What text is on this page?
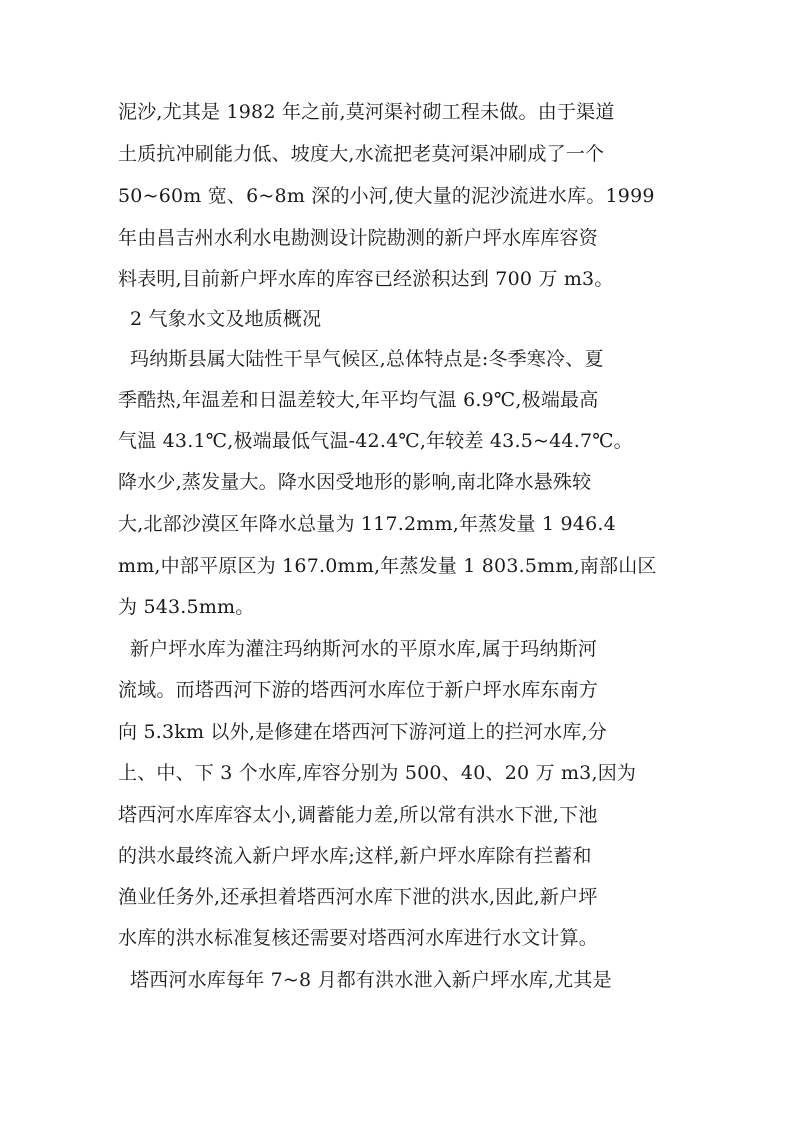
泥沙,尤其是 1982 年之前,莫河渠衬砌工程未做。由于渠道
土质抗冲刷能力低、坡度大,水流把老莫河渠冲刷成了一个
50~60m 宽、6~8m 深的小河,使大量的泥沙流进水库。1999
年由昌吉州水利水电勘测设计院勘测的新户坪水库库容资
料表明,目前新户坪水库的库容已经淤积达到 700 万 m3。
2 气象水文及地质概况
玛纳斯县属大陆性干旱气候区,总体特点是:冬季寒冷、夏
季酷热,年温差和日温差较大,年平均气温 6.9℃,极端最高
气温 43.1℃,极端最低气温-42.4℃,年较差 43.5~44.7℃。
降水少,蒸发量大。降水因受地形的影响,南北降水悬殊较
大,北部沙漠区年降水总量为 117.2mm,年蒸发量 1 946.4
mm,中部平原区为 167.0mm,年蒸发量 1 803.5mm,南部山区
为 543.5mm。
新户坪水库为灌注玛纳斯河水的平原水库,属于玛纳斯河
流域。而塔西河下游的塔西河水库位于新户坪水库东南方
向 5.3km 以外,是修建在塔西河下游河道上的拦河水库,分
上、中、下 3 个水库,库容分别为 500、40、20 万 m3,因为
塔西河水库库容太小,调蓄能力差,所以常有洪水下泄,下池
的洪水最终流入新户坪水库;这样,新户坪水库除有拦蓄和
渔业任务外,还承担着塔西河水库下泄的洪水,因此,新户坪
水库的洪水标准复核还需要对塔西河水库进行水文计算。
塔西河水库每年 7~8 月都有洪水泄入新户坪水库,尤其是
